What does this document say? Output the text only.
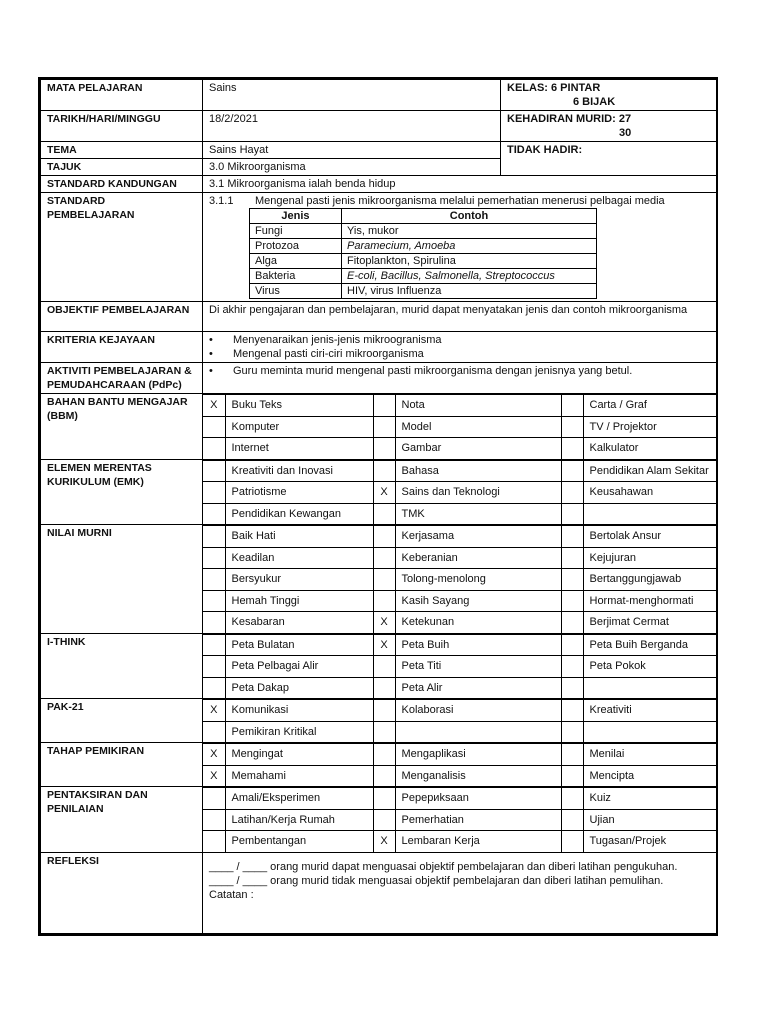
MATA PELAJARAN	Sains	KELAS: 6 PINTAR
6 BIJAK

TARIKH/HARI/MINGGU	18/2/2021	KEHADIRAN MURID: 27
30

TEMA	Sains Hayat	TIDAK HADIR:
TAJUK	3.0 Mikroorganisma
STANDARD KANDUNGAN	3.1 Mikroorganisma ialah benda hidup

STANDARD
PEMBELAJARAN

3.1.1 Mengenal pasti jenis mikroorganisma melalui pemerhatian menerusi pelbagai media
Jenis	Contoh
Fungi	Yis, mukor
Protozoa	Paramecium, Amoeba
Alga	Fitoplankton, Spirulina
Bakteria	E-coli, Bacillus, Salmonella, Streptococcus
Virus	HIV, virus Influenza

OBJEKTIF PEMBELAJARAN	Di akhir pengajaran dan pembelajaran, murid dapat menyatakan jenis dan contoh mikroorganisma
KRITERIA KEJAYAAN	• Menyenaraikan jenis-jenis mikroogranisma
• Mengenal pasti ciri-ciri mikroorganisma

AKTIVITI PEMBELAJARAN &
PEMUDAHCARAAN (PdPc)
	• Guru meminta murid mengenal pasti mikroorganisma dengan jenisnya yang betul.

BAHAN BANTU MENGAJAR
(BBM)

X	Buku Teks		Nota		Carta / Graf
	Komputer		Model		TV / Projektor
	Internet		Gambar		Kalkulator

ELEMEN MERENTAS
KURIKULUM (EMK)

	Kreativiti dan Inovasi		Bahasa		Pendidikan Alam Sekitar
	Patriotisme	X	Sains dan Teknologi		Keusahawan
	Pendidikan Kewangan		TMK		

NILAI MURNI	
		Baik Hati		Kerjasama		Bertolak Ansur
	Keadilan		Keberanian		Kejujuran
	Bersyukur		Tolong-menolong		Bertanggungjawab
	Hemah Tinggi		Kasih Sayang		Hormat-menghormati
	Kesabaran	X	Ketekunan		Berjimat Cermat

I-THINK	
		Peta Bulatan	X	Peta Buih		Peta Buih Berganda
	Peta Pelbagai Alir		Peta Titi		Peta Pokok
	Peta Dakap		Peta Alir		

PAK-21		X	Komunikasi		Kolaborasi		Kreativiti
	Pemikiran Kritikal				

TAHAP PEMIKIRAN		X	Mengingat		Mengaplikasi		Menilai
X	Memahami		Menganalisis		Mencipta

PENTAKSIRAN DAN
PENILAIAN

	Amali/Eksperimen		Pepериksaan		Kuiz
	Latihan/Kerja Rumah		Pemerhatian		Ujian
	Pembentangan	X	Lembaran Kerja		Tugasan/Projek

REFLEKSI	____ / ____ orang murid dapat menguasai objektif pembelajaran dan diberi latihan pengukuhan.
____ / ____ orang murid tidak menguasai objektif pembelajaran dan diberi latihan pemulihan.
Catatan :
